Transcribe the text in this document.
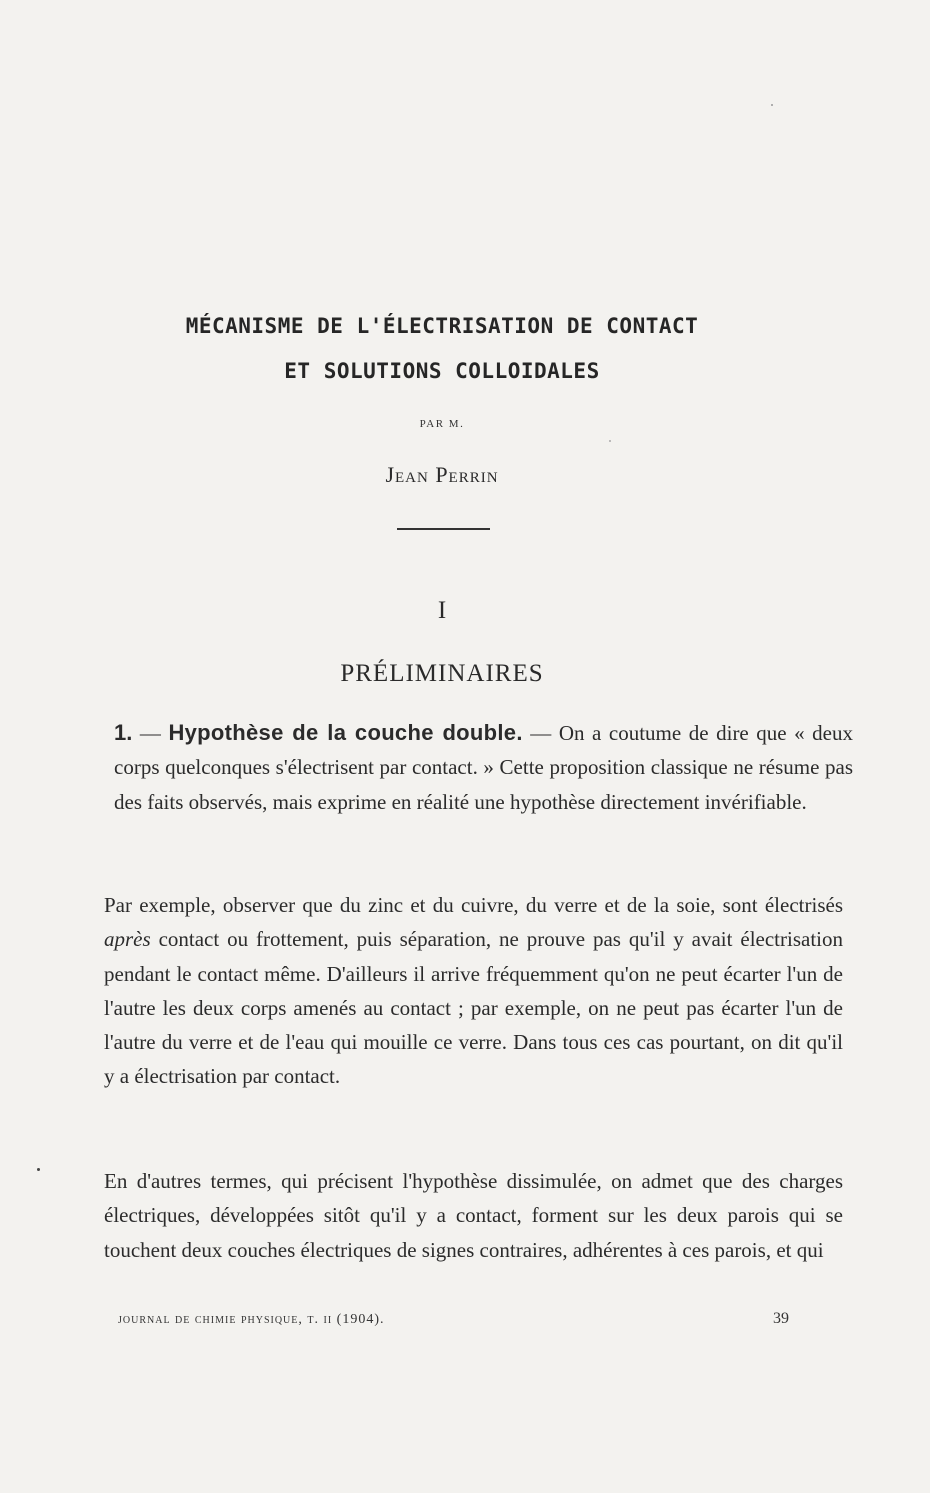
MÉCANISME DE L'ÉLECTRISATION DE CONTACT
ET SOLUTIONS COLLOIDALES
PAR M.
Jean Perrin
I
PRÉLIMINAIRES
1. — Hypothèse de la couche double. — On a coutume de dire que « deux corps quelconques s'électrisent par contact. » Cette proposition classique ne résume pas des faits observés, mais exprime en réalité une hypothèse directement invérifiable.
Par exemple, observer que du zinc et du cuivre, du verre et de la soie, sont électrisés après contact ou frottement, puis séparation, ne prouve pas qu'il y avait électrisation pendant le contact même. D'ailleurs il arrive fréquemment qu'on ne peut écarter l'un de l'autre les deux corps amenés au contact ; par exemple, on ne peut pas écarter l'un de l'autre du verre et de l'eau qui mouille ce verre. Dans tous ces cas pourtant, on dit qu'il y a électrisation par contact.
En d'autres termes, qui précisent l'hypothèse dissimulée, on admet que des charges électriques, développées sitôt qu'il y a contact, forment sur les deux parois qui se touchent deux couches électriques de signes contraires, adhérentes à ces parois, et qui
journal de chimie physique, t. ii (1904).	39
